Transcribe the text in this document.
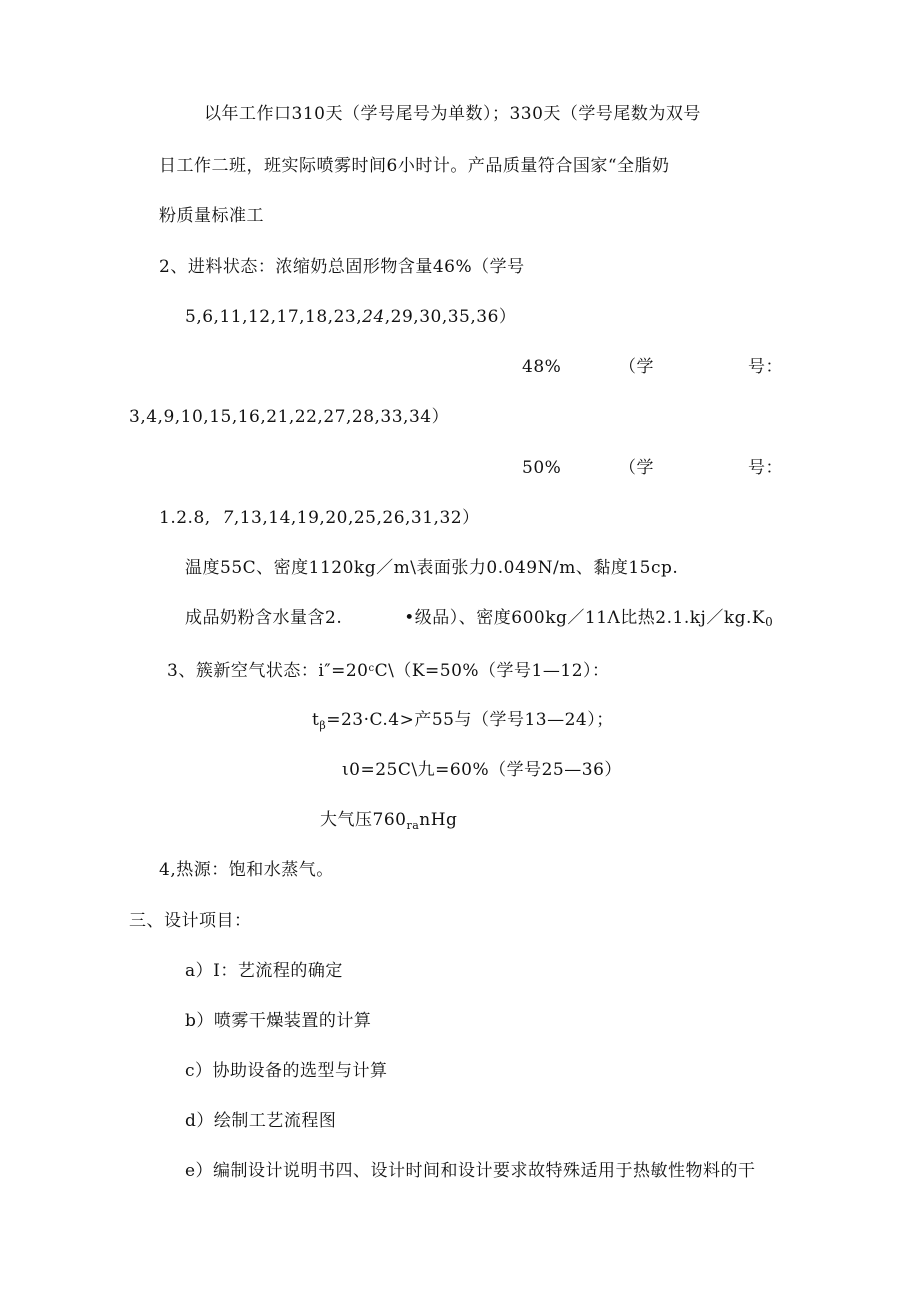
以年工作口310天（学号尾号为单数）；330天（学号尾数为双号
日工作二班，班实际喷雾时间6小时计。产品质量符合国家“全脂奶
粉质量标准工
2、进料状态：浓缩奶总固形物含量46%（学号
5,6,11,12,17,18,23,24,29,30,35,36）
48%	（学	号：
3,4,9,10,15,16,21,22,27,28,33,34）
50%	（学	号：
1.2.8, 7,13,14,19,20,25,26,31,32）
温度55C、密度1120kg／m\表面张力0.049N/m、黏度15cp.
成品奶粉含水量含2.	•级品）、密度600kg／11Λ比热2.1.kj／kg.K0
3、簇新空气状态：$i''=20^cC\backslash(K=50\%$（学号1—12）：
$t_\beta=23\cdot C.4>$产55与（学号13—24）；
ι0=25C\九=60%（学号25—36）
大气压$760_{ra}nHg$
4,热源：饱和水蒸气。
三、设计项目：
a）I：艺流程的确定
b）喷雾干燥装置的计算
c）协助设备的选型与计算
d）绘制工艺流程图
e）编制设计说明书四、设计时间和设计要求故特殊适用于热敏性物料的干
